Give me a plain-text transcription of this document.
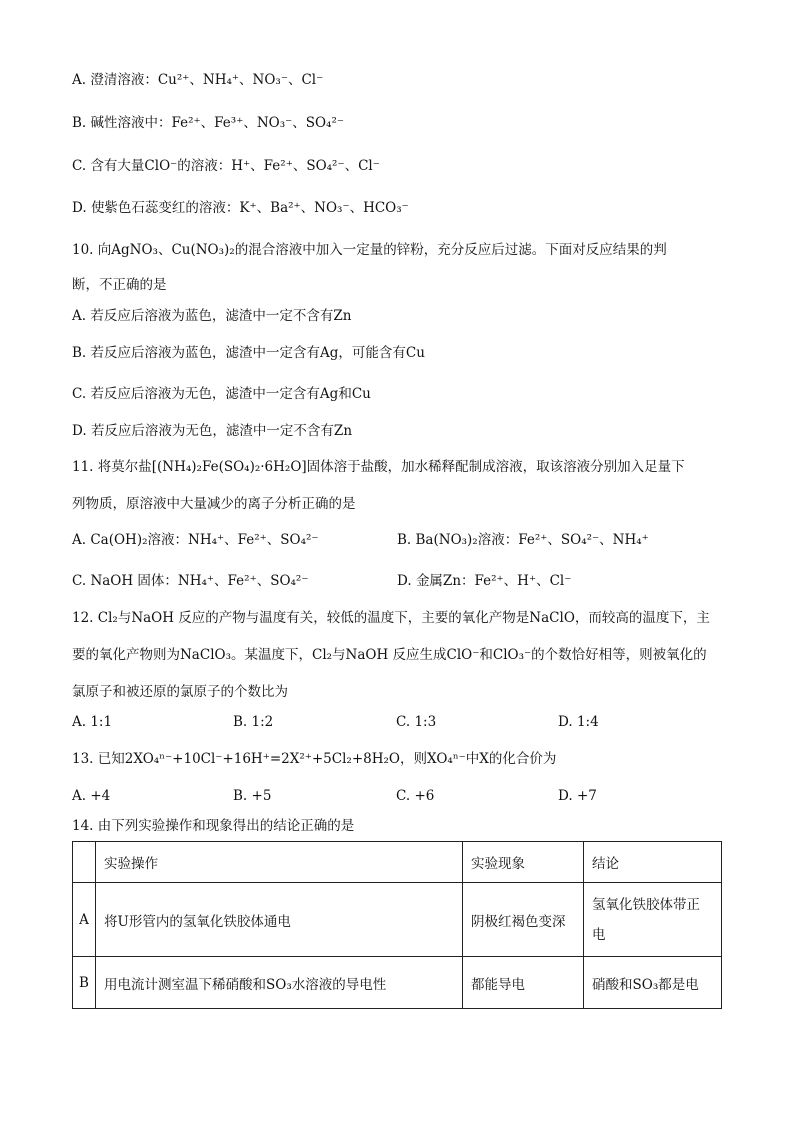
A. 澄清溶液：Cu²⁺、NH₄⁺、NO₃⁻、Cl⁻
B. 碱性溶液中：Fe²⁺、Fe³⁺、NO₃⁻、SO₄²⁻
C. 含有大量ClO⁻的溶液：H⁺、Fe²⁺、SO₄²⁻、Cl⁻
D. 使紫色石蕊变红的溶液：K⁺、Ba²⁺、NO₃⁻、HCO₃⁻
10. 向AgNO₃、Cu(NO₃)₂的混合溶液中加入一定量的锌粉，充分反应后过滤。下面对反应结果的判
断，不正确的是
A. 若反应后溶液为蓝色，滤渣中一定不含有Zn
B. 若反应后溶液为蓝色，滤渣中一定含有Ag，可能含有Cu
C. 若反应后溶液为无色，滤渣中一定含有Ag和Cu
D. 若反应后溶液为无色，滤渣中一定不含有Zn
11. 将莫尔盐[(NH₄)₂Fe(SO₄)₂·6H₂O]固体溶于盐酸，加水稀释配制成溶液，取该溶液分别加入足量下
列物质，原溶液中大量减少的离子分析正确的是
A. Ca(OH)₂溶液：NH₄⁺、Fe²⁺、SO₄²⁻	B. Ba(NO₃)₂溶液：Fe²⁺、SO₄²⁻、NH₄⁺
C. NaOH 固体：NH₄⁺、Fe²⁺、SO₄²⁻	D. 金属Zn：Fe²⁺、H⁺、Cl⁻
12. Cl₂与NaOH 反应的产物与温度有关，较低的温度下，主要的氧化产物是NaClO，而较高的温度下，主
要的氧化产物则为NaClO₃。某温度下，Cl₂与NaOH 反应生成ClO⁻和ClO₃⁻的个数恰好相等，则被氧化的
氯原子和被还原的氯原子的个数比为
A. 1:1	B. 1:2	C. 1:3	D. 1:4
13. 已知2XO₄ⁿ⁻+10Cl⁻+16H⁺=2X²⁺+5Cl₂+8H₂O，则XO₄ⁿ⁻中X的化合价为
A. +4	B. +5	C. +6	D. +7
14. 由下列实验操作和现象得出的结论正确的是
	实验操作	实验现象	结论
A	将U形管内的氢氧化铁胶体通电	阴极红褐色变深	氢氧化铁胶体带正电
B	用电流计测室温下稀硝酸和SO₃水溶液的导电性	都能导电	硝酸和SO₃都是电
